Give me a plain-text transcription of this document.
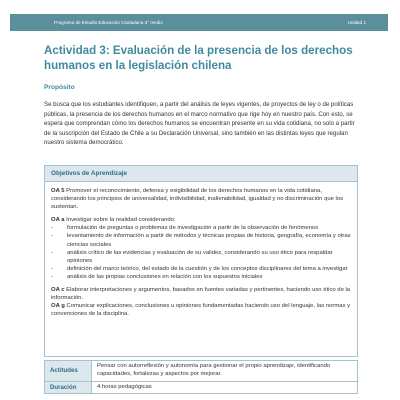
Programa de Estudio Educación Ciudadana 3° medio	Unidad 1
Actividad 3: Evaluación de la presencia de los derechos humanos en la legislación chilena
Propósito

Se busca que los estudiantes identifiquen, a partir del análisis de leyes vigentes, de proyectos de ley o de políticas públicas, la presencia de los derechos humanos en el marco normativo que rige hoy en nuestro país. Con esto, se espera que comprendan cómo los derechos humanos se encuentran presente en su vida cotidiana, no solo a partir de la suscripción del Estado de Chile a su Declaración Universal, sino también en las distintas leyes que regulan nuestro sistema democrático.

Objetivos de Aprendizaje

OA 5 Promover el reconocimiento, defensa y exigibilidad de los derechos humanos en la vida cotidiana, considerando los principios de universalidad, indivisibilidad, inalienabilidad, igualdad y no discriminación que los sustentan.

OA a Investigar sobre la realidad considerando:

- formulación de preguntas o problemas de investigación a partir de la observación de fenómenos
- levantamiento de información a partir de métodos y técnicas propias de historia, geografía, economía y otras ciencias sociales
- análisis crítico de las evidencias y evaluación de su validez, considerando su uso ético para respaldar opiniones
- definición del marco teórico, del estado de la cuestión y de los conceptos disciplinares del tema a investigar
- análisis de las propias conclusiones en relación con los supuestos iniciales

OA c Elaborar interpretaciones y argumentos, basados en fuentes variadas y pertinentes, haciendo uso ético de la información.

OA g Comunicar explicaciones, conclusiones u opiniones fundamentadas haciendo uso del lenguaje, las normas y convenciones de la disciplina.

Actitudes	Pensar con autorreflexión y autonomía para gestionar el propio aprendizaje, identificando capacidades, fortalezas y aspectos por mejorar.
Duración	4 horas pedagógicas
